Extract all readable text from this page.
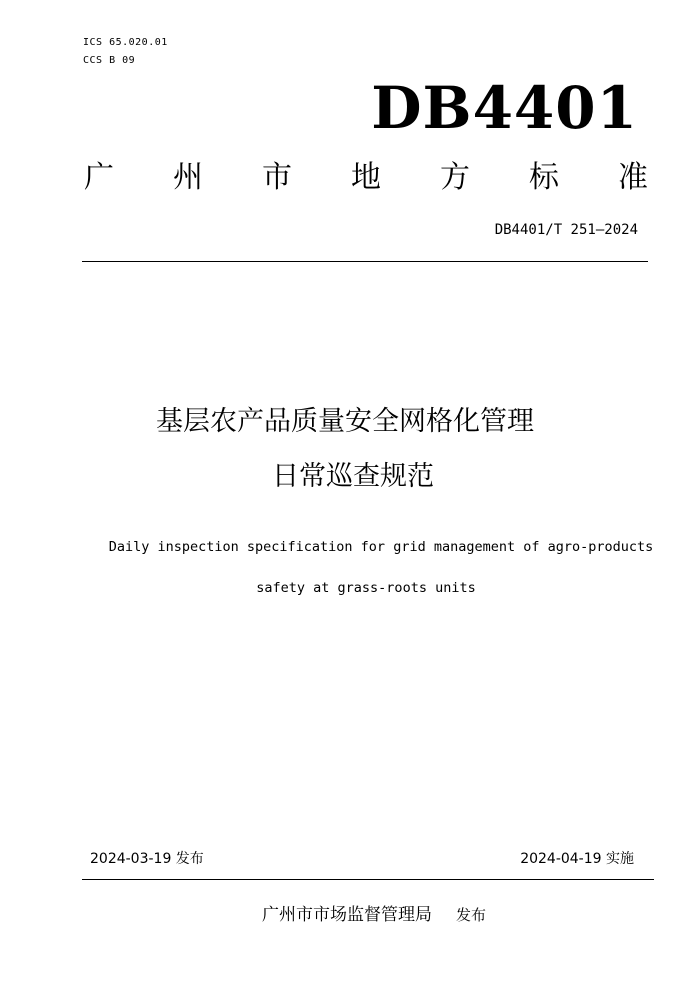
ICS 65.020.01
CCS B 09
DB4401
广 州 市 地 方 标 准
DB4401/T 251—2024
基层农产品质量安全网格化管理
日常巡查规范
Daily inspection specification for grid management of agro-products
safety at grass-roots units
2024-03-19 发布	2024-04-19 实施
广州市市场监督管理局 发布
